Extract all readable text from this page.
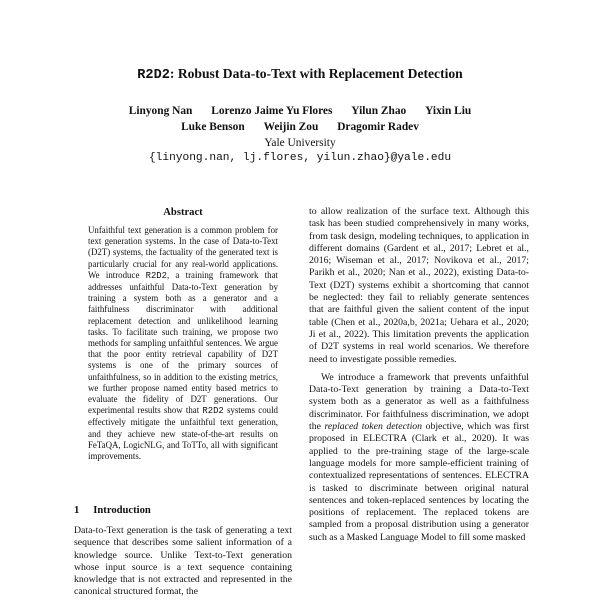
R2D2: Robust Data-to-Text with Replacement Detection
Linyong Nan Lorenzo Jaime Yu Flores Yilun Zhao Yixin Liu
Luke Benson Weijin Zou Dragomir Radev
Yale University
{linyong.nan, lj.flores, yilun.zhao}@yale.edu
Abstract
Unfaithful text generation is a common problem for text generation systems. In the case of Data-to-Text (D2T) systems, the factuality of the generated text is particularly crucial for any real-world applications. We introduce R2D2, a training framework that addresses unfaithful Data-to-Text generation by training a system both as a generator and a faithfulness discriminator with additional replacement detection and unlikelihood learning tasks. To facilitate such training, we propose two methods for sampling unfaithful sentences. We argue that the poor entity retrieval capability of D2T systems is one of the primary sources of unfaithfulness, so in addition to the existing metrics, we further propose named entity based metrics to evaluate the fidelity of D2T generations. Our experimental results show that R2D2 systems could effectively mitigate the unfaithful text generation, and they achieve new state-of-the-art results on FeTaQA, LogicNLG, and ToTTo, all with significant improvements.
1 Introduction

Data-to-Text generation is the task of generating a text sequence that describes some salient information of a knowledge source. Unlike Text-to-Text generation whose input source is a text sequence containing knowledge that is not extracted and represented in the canonical structured format, the

to allow realization of the surface text. Although this task has been studied comprehensively in many works, from task design, modeling techniques, to application in different domains (Gardent et al., 2017; Lebret et al., 2016; Wiseman et al., 2017; Novikova et al., 2017; Parikh et al., 2020; Nan et al., 2022), existing Data-to-Text (D2T) systems exhibit a shortcoming that cannot be neglected: they fail to reliably generate sentences that are faithful given the salient content of the input table (Chen et al., 2020a,b, 2021a; Uehara et al., 2020; Ji et al., 2022). This limitation prevents the application of D2T systems in real world scenarios. We therefore need to investigate possible remedies.

We introduce a framework that prevents unfaithful Data-to-Text generation by training a Data-to-Text system both as a generator as well as a faithfulness discriminator. For faithfulness discrimination, we adopt the replaced token detection objective, which was first proposed in ELECTRA (Clark et al., 2020). It was applied to the pre-training stage of the large-scale language models for more sample-efficient training of contextualized representations of sentences. ELECTRA is tasked to discriminate between original natural sentences and token-replaced sentences by locating the positions of replacement. The replaced tokens are sampled from a proposal distribution using a generator such as a Masked Language Model to fill some masked
